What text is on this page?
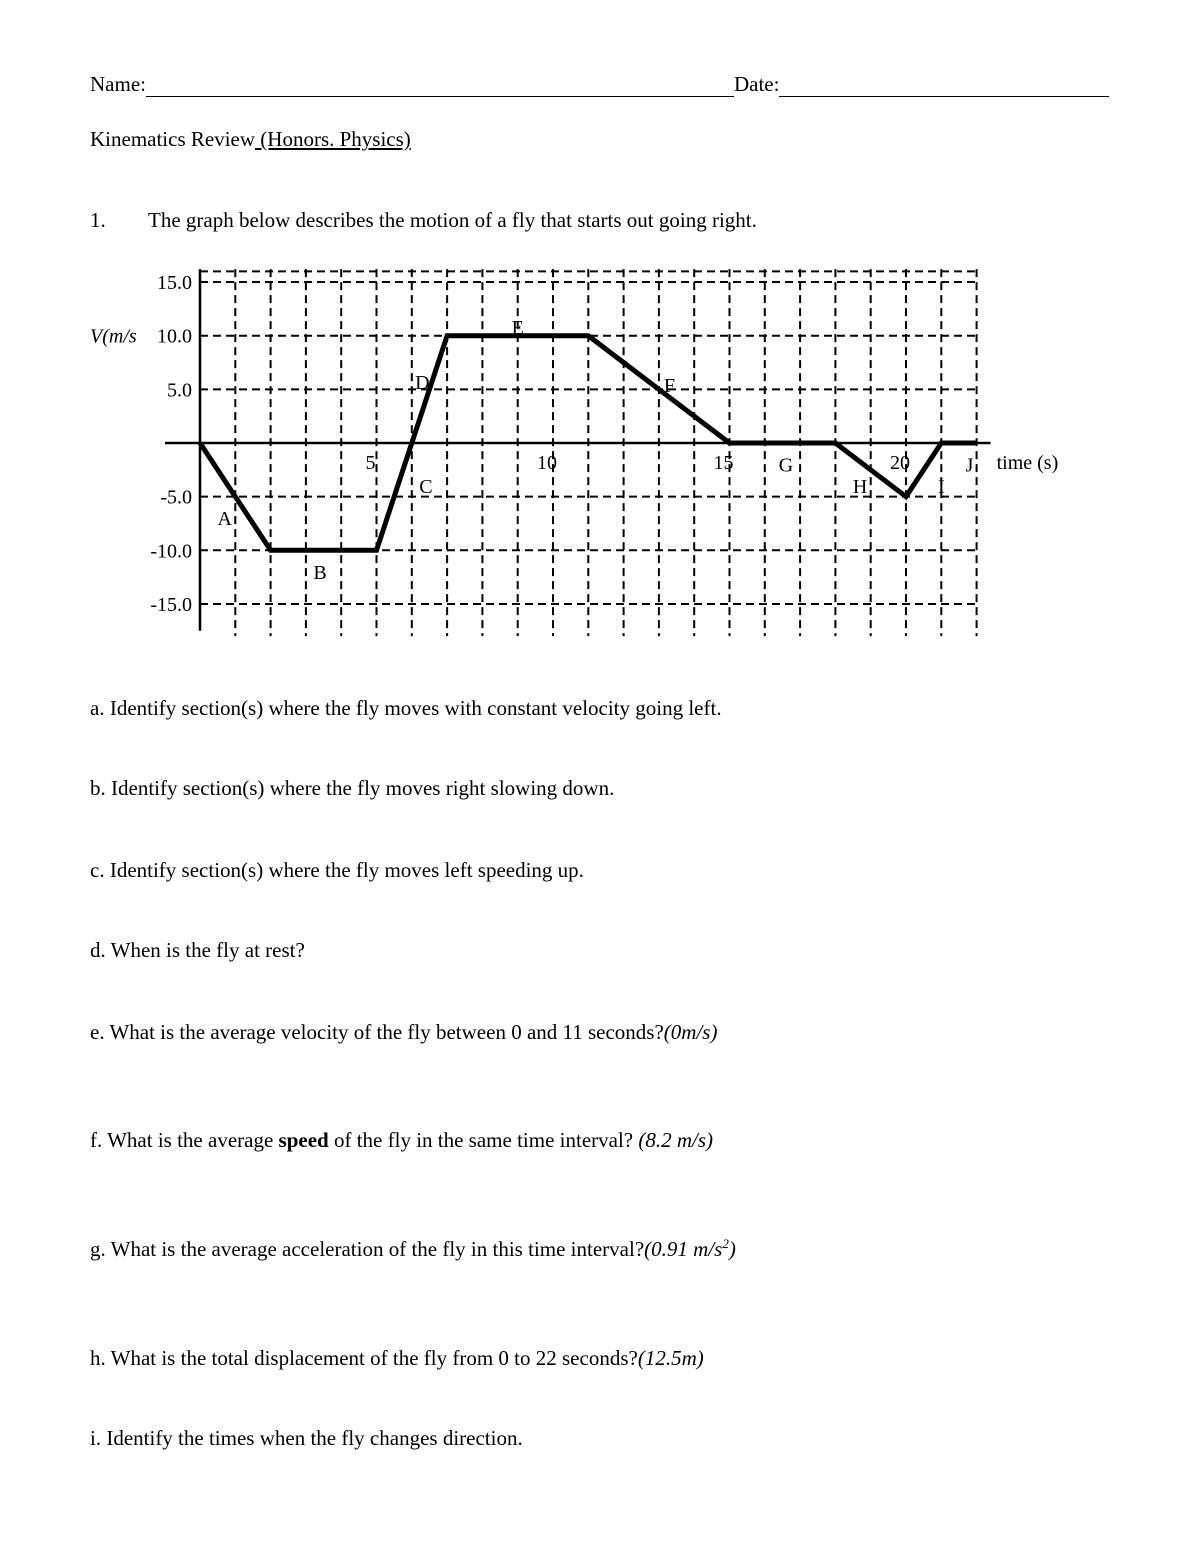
Name:	Date:
Kinematics Review (Honors. Physics)
1. The graph below describes the motion of a fly that starts out going right.
15.0
10.0
5.0
-5.0
-10.0
-15.0
V(m/s
5	10	15	20	time (s)
A
B
C
D
E
F
G
H	I
J
a. Identify section(s) where the fly moves with constant velocity going left.
b. Identify section(s) where the fly moves right slowing down.
c. Identify section(s) where the fly moves left speeding up.
d. When is the fly at rest?
e. What is the average velocity of the fly between 0 and 11 seconds?(0m/s)
f. What is the average speed of the fly in the same time interval? (8.2 m/s)
g. What is the average acceleration of the fly in this time interval?(0.91 $m/s^2$)
h. What is the total displacement of the fly from 0 to 22 seconds?(12.5m)
i. Identify the times when the fly changes direction.
